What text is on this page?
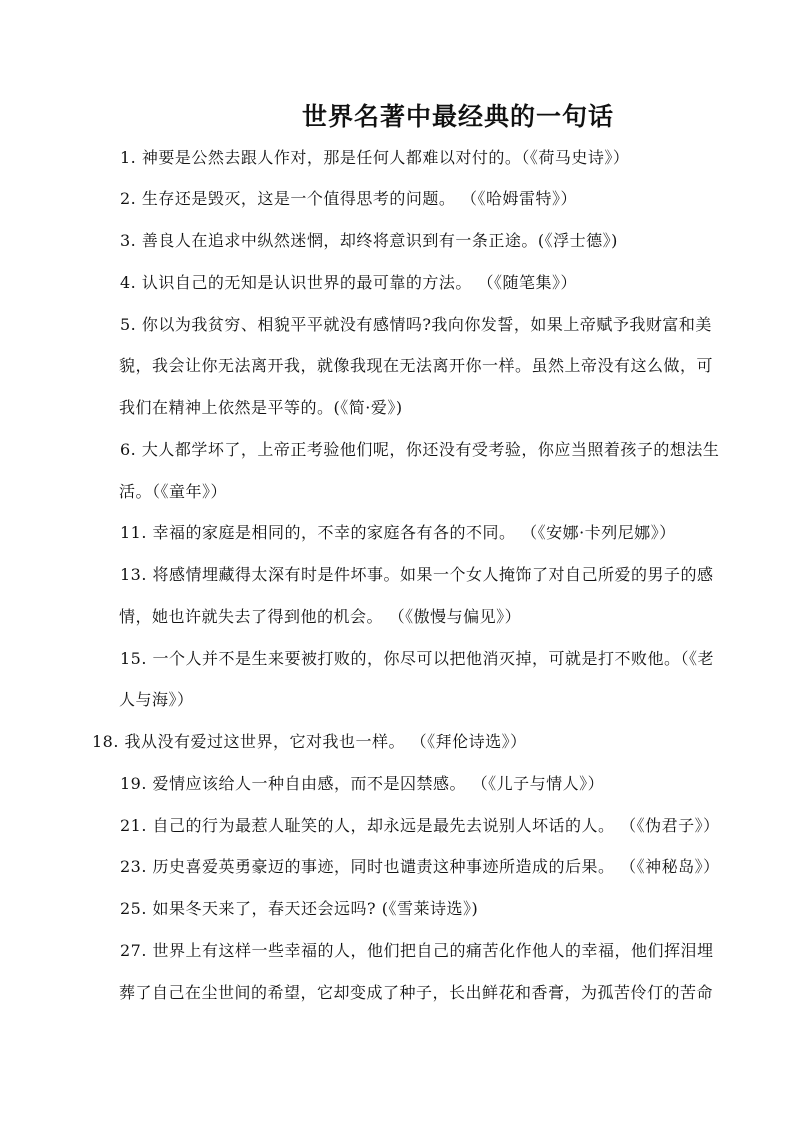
世界名著中最经典的一句话
1. 神要是公然去跟人作对，那是任何人都难以对付的。（《荷马史诗》）
2. 生存还是毁灭，这是一个值得思考的问题。 （《哈姆雷特》）
3. 善良人在追求中纵然迷惘，却终将意识到有一条正途。(《浮士德》)
4. 认识自己的无知是认识世界的最可靠的方法。 （《随笔集》）
5. 你以为我贫穷、相貌平平就没有感情吗?我向你发誓，如果上帝赋予我财富和美
貌，我会让你无法离开我，就像我现在无法离开你一样。虽然上帝没有这么做，可
我们在精神上依然是平等的。(《简·爱》)
6. 大人都学坏了，上帝正考验他们呢，你还没有受考验，你应当照着孩子的想法生
活。（《童年》）
11. 幸福的家庭是相同的，不幸的家庭各有各的不同。 （《安娜·卡列尼娜》）
13. 将感情埋藏得太深有时是件坏事。如果一个女人掩饰了对自己所爱的男子的感
情，她也许就失去了得到他的机会。 （《傲慢与偏见》）
15. 一个人并不是生来要被打败的，你尽可以把他消灭掉，可就是打不败他。（《老
人与海》）
18. 我从没有爱过这世界，它对我也一样。 （《拜伦诗选》）
19. 爱情应该给人一种自由感，而不是囚禁感。 （《儿子与情人》）
21. 自己的行为最惹人耻笑的人，却永远是最先去说别人坏话的人。 （《伪君子》）
23. 历史喜爱英勇豪迈的事迹，同时也谴责这种事迹所造成的后果。 （《神秘岛》）
25. 如果冬天来了，春天还会远吗? (《雪莱诗选》)
27. 世界上有这样一些幸福的人，他们把自己的痛苦化作他人的幸福，他们挥泪埋
葬了自己在尘世间的希望，它却变成了种子，长出鲜花和香膏，为孤苦伶仃的苦命
